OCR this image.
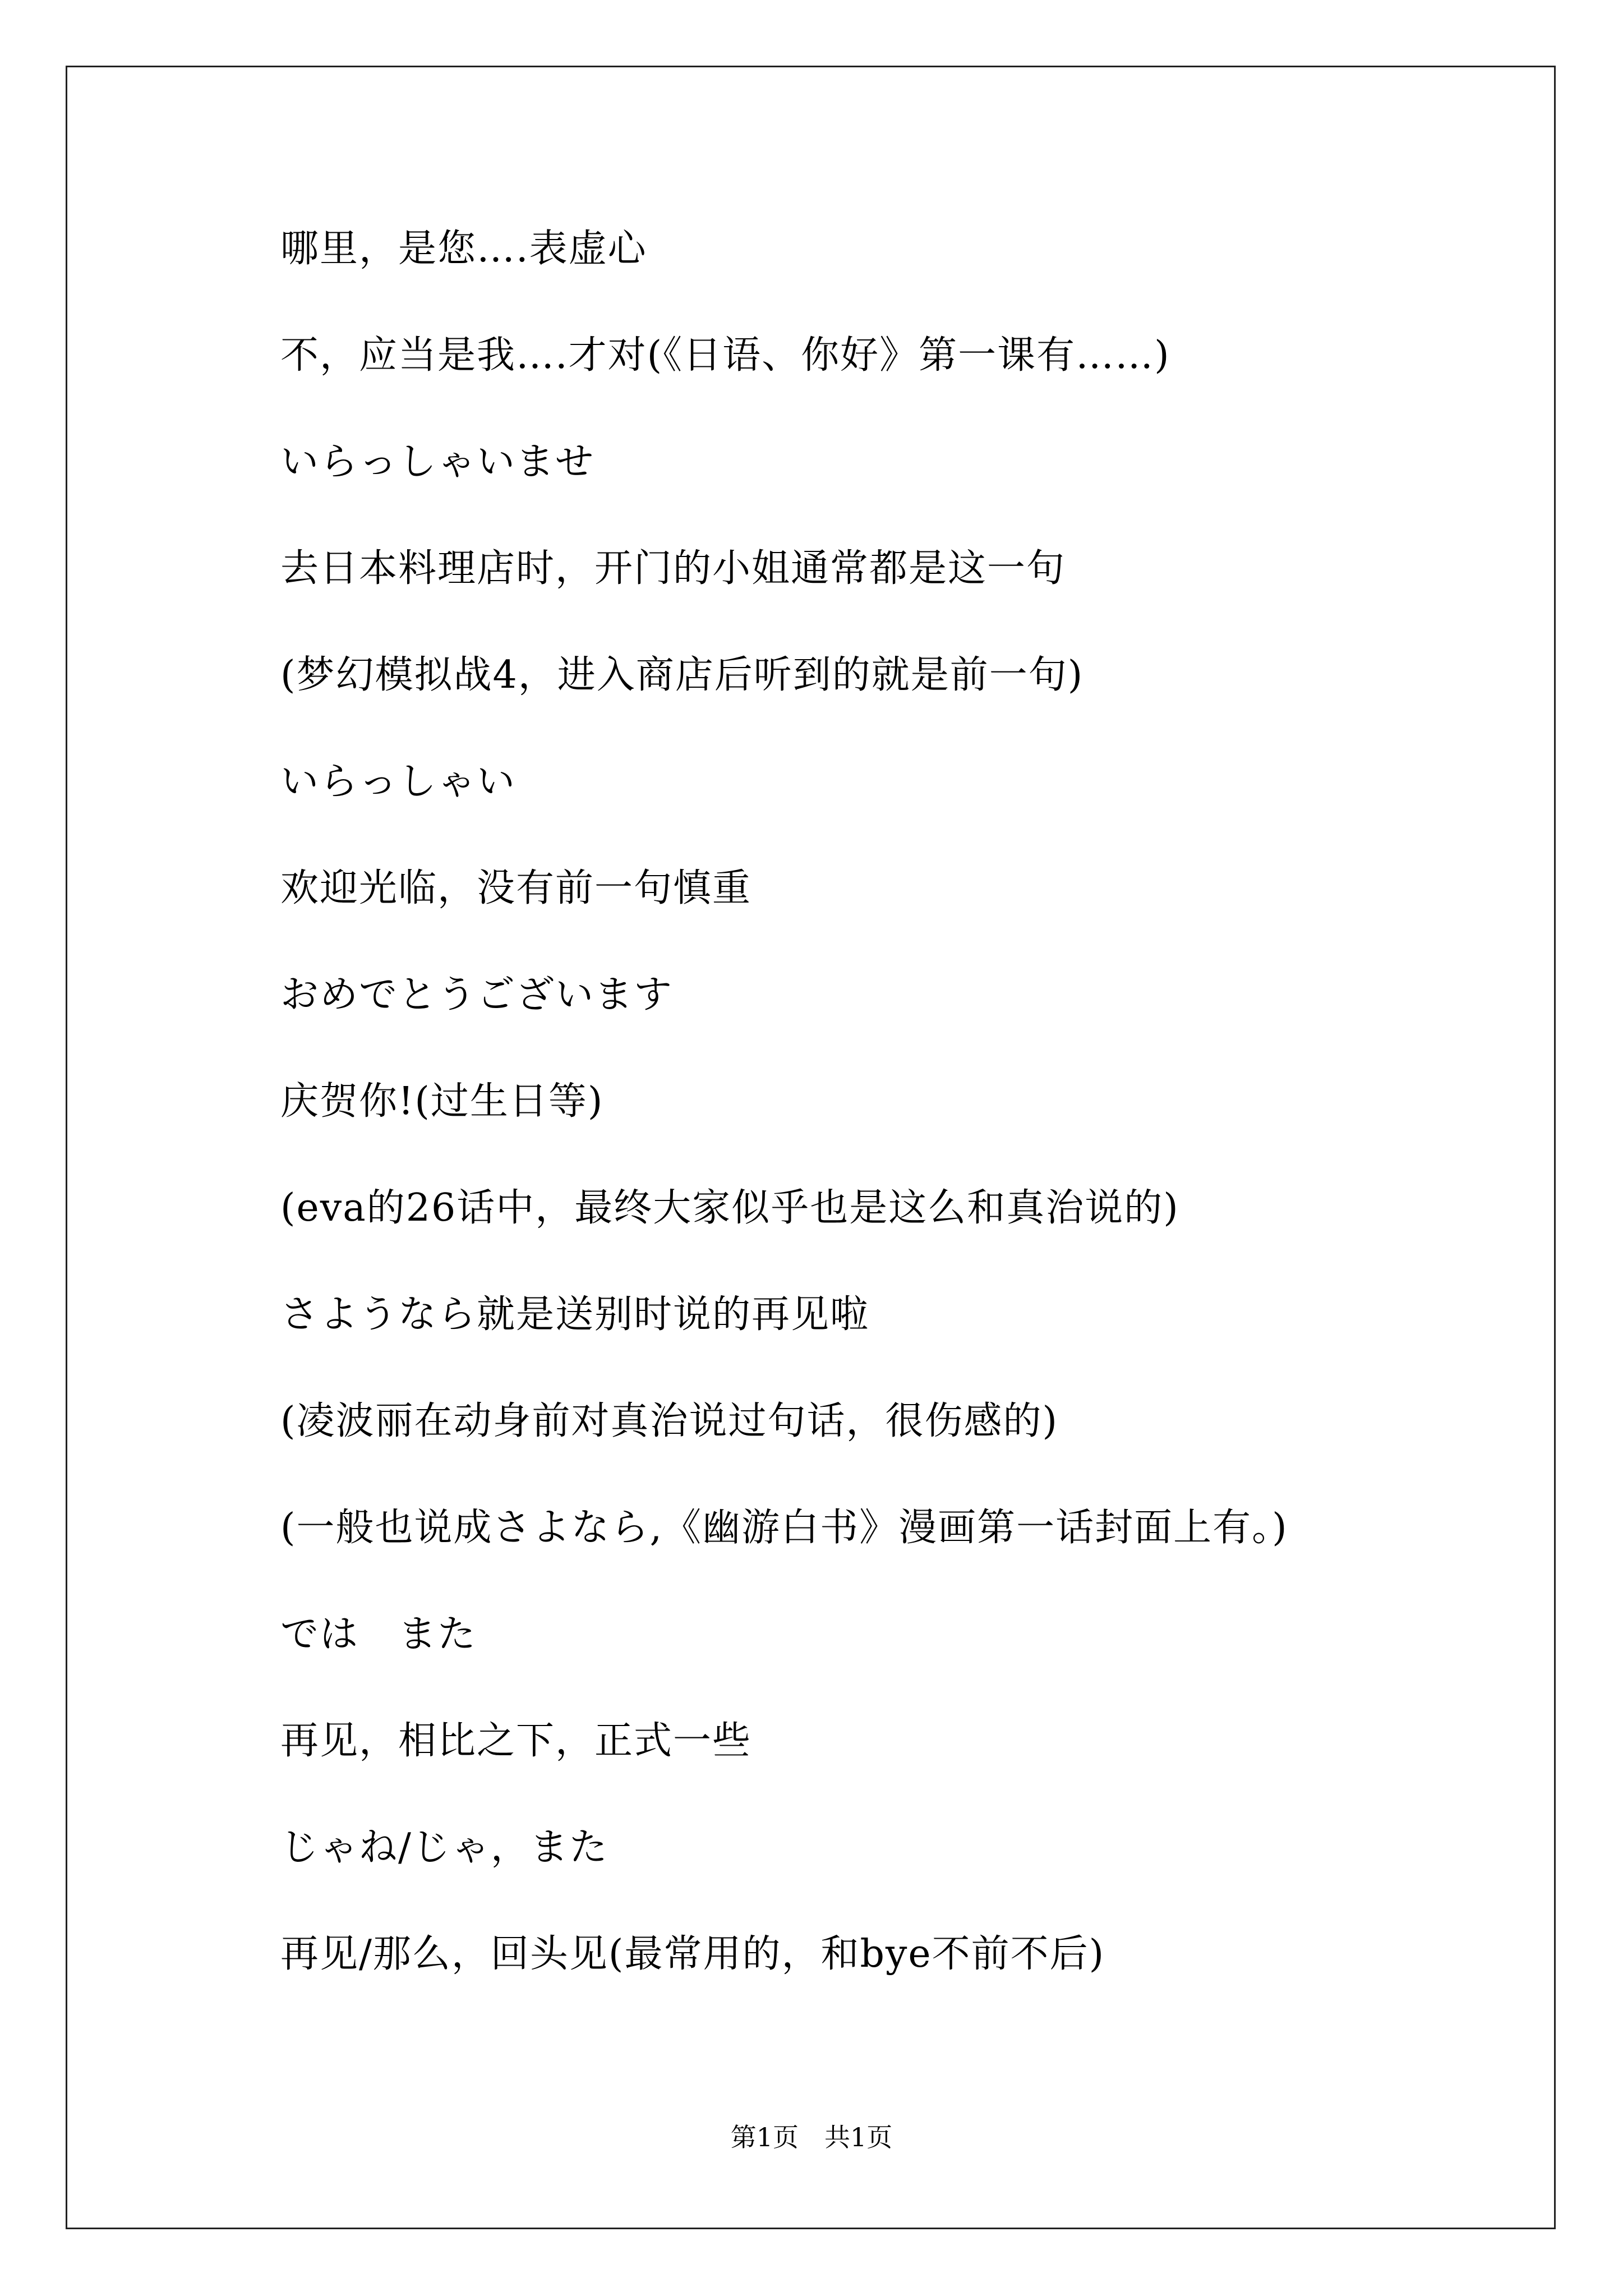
哪里，是您….表虚心
不，应当是我….才对(《日语、你好》第一课有……)
いらっしゃいませ
去日本料理店时，开门的小姐通常都是这一句
(梦幻模拟战4，进入商店后听到的就是前一句)
いらっしゃい
欢迎光临，没有前一句慎重
おめでとうございます
庆贺你!(过生日等)
(eva的26话中，最终大家似乎也是这么和真治说的)
さようなら就是送别时说的再见啦
(凌波丽在动身前对真治说过句话，很伤感的)
(一般也说成さよなら,《幽游白书》漫画第一话封面上有。)
では　また
再见，相比之下，正式一些
じゃね/じゃ，また
再见/那么，回头见(最常用的，和bye不前不后)
第1页　共1页
